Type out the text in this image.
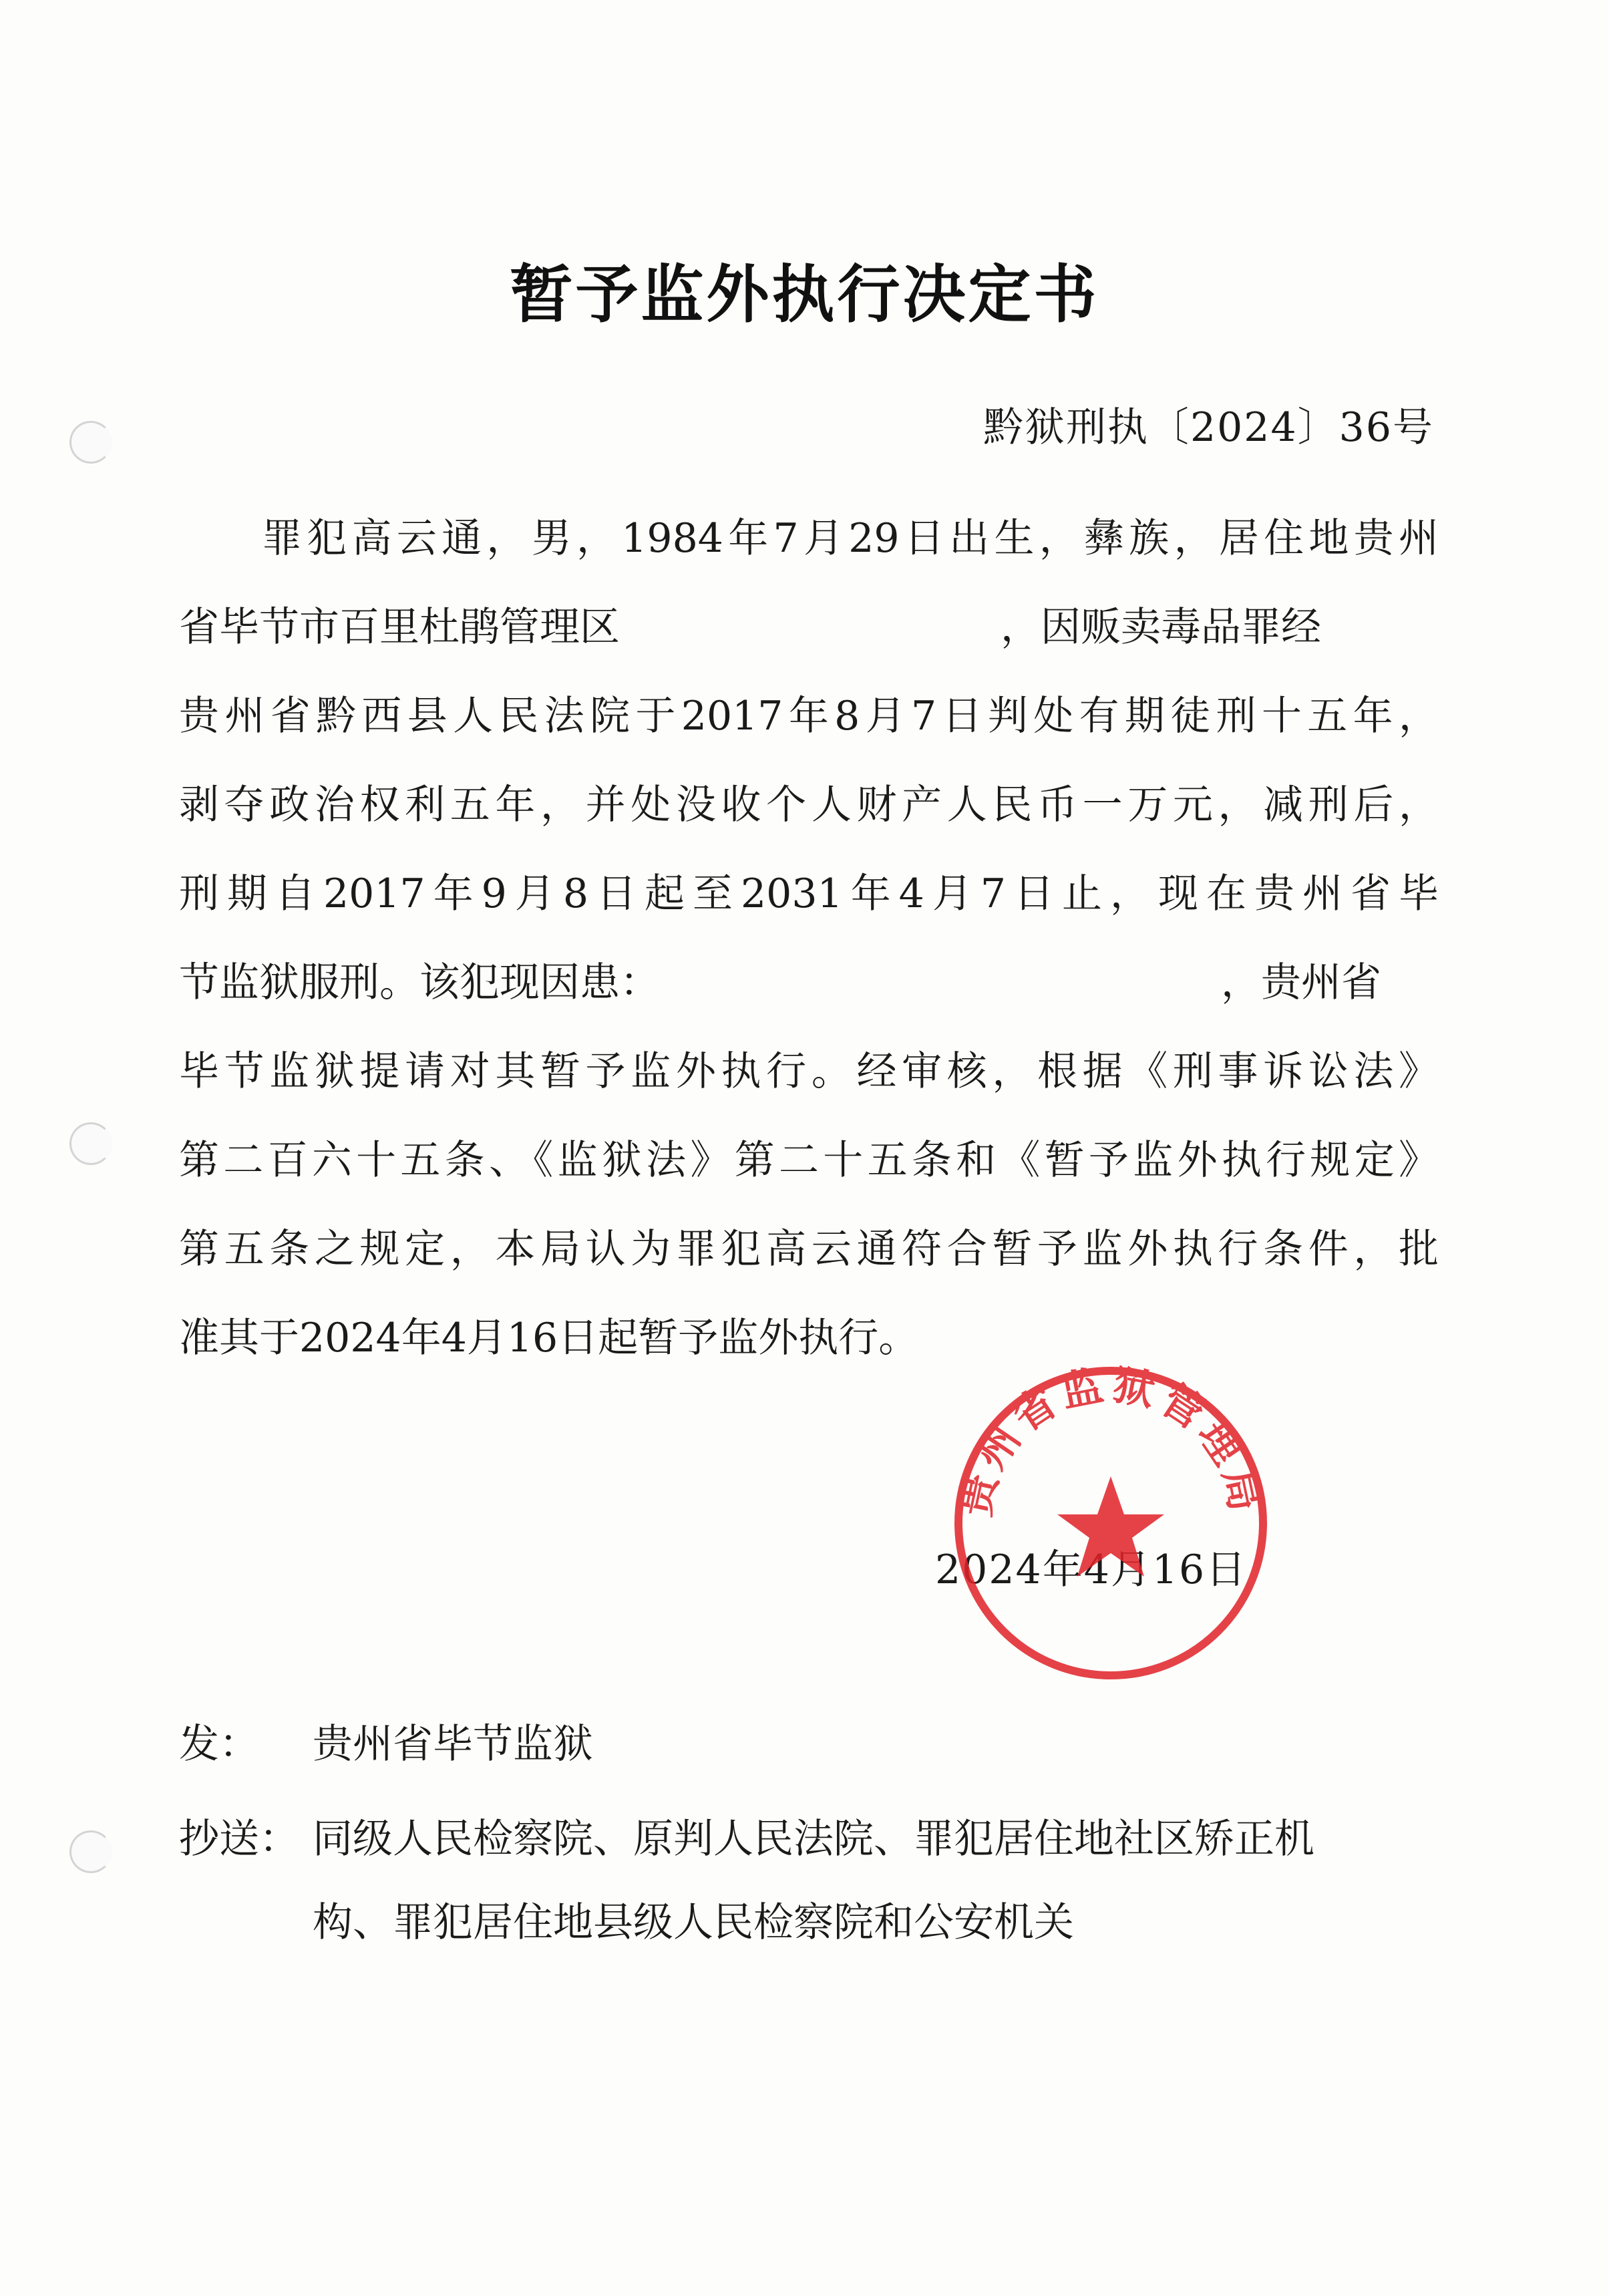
暂予监外执行决定书
黔狱刑执〔2024〕36号
罪犯高云通，男，1984年7月29日出生，彝族，居住地贵州
省毕节市百里杜鹃管理区	，因贩卖毒品罪经
贵州省黔西县人民法院于2017年8月7日判处有期徒刑十五年，
剥夺政治权利五年，并处没收个人财产人民币一万元，减刑后，
刑期自2017年9月8日起至2031年4月7日止，现在贵州省毕
节监狱服刑。该犯现因患：	，贵州省
毕节监狱提请对其暂予监外执行。经审核，根据《刑事诉讼法》
第二百六十五条、《监狱法》第二十五条和《暂予监外执行规定》
第五条之规定，本局认为罪犯高云通符合暂予监外执行条件，批
准其于2024年4月16日起暂予监外执行。
2024年4月16日
贵州省监狱管理局
发： 贵州省毕节监狱
抄送： 同级人民检察院、原判人民法院、罪犯居住地社区矫正机
构、罪犯居住地县级人民检察院和公安机关
